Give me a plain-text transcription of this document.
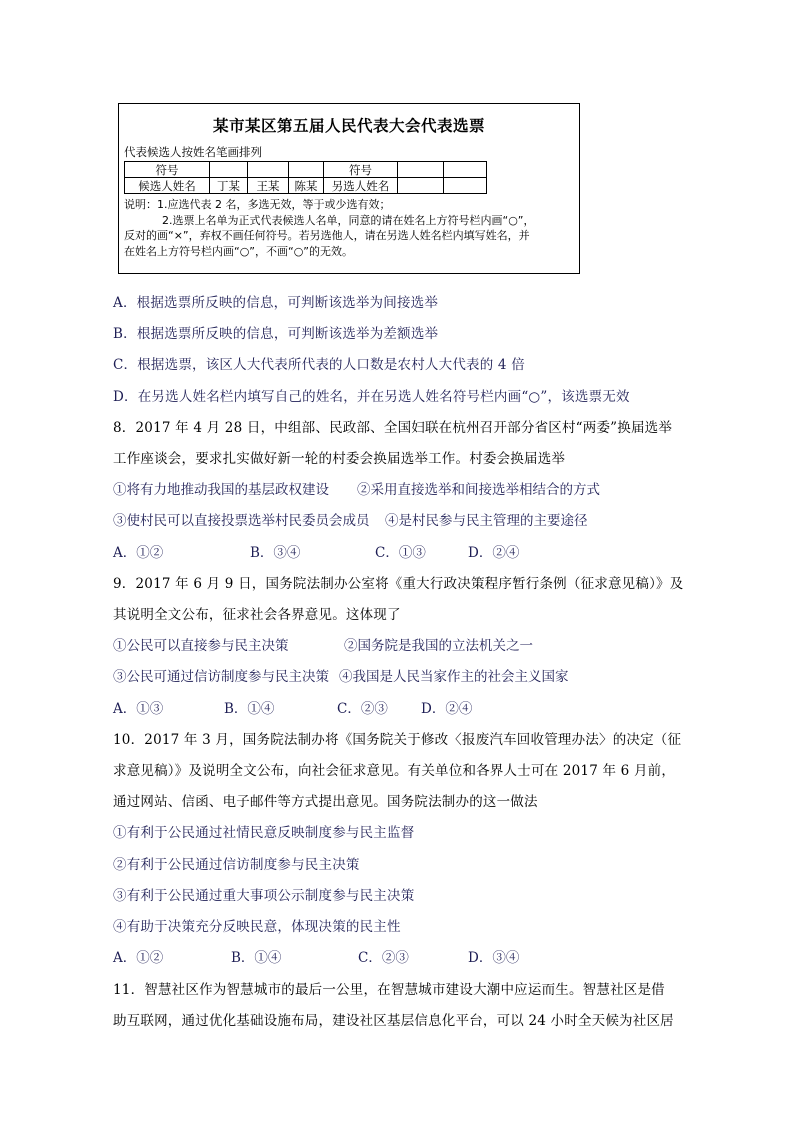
某市某区第五届人民代表大会代表选票
代表候选人按姓名笔画排列
符号				符号		
候选人姓名	丁某	王某	陈某	另选人姓名		
说明：1.应选代表 2 名，多选无效，等于或少选有效；
2.选票上名单为正式代表候选人名单，同意的请在姓名上方符号栏内画“○”，
反对的画“×”，弃权不画任何符号。若另选他人，请在另选人姓名栏内填写姓名，并
在姓名上方符号栏内画“○”，不画“○”的无效。
A．根据选票所反映的信息，可判断该选举为间接选举
B．根据选票所反映的信息，可判断该选举为差额选举
C．根据选票，该区人大代表所代表的人口数是农村人大代表的 4 倍
D．在另选人姓名栏内填写自己的姓名，并在另选人姓名符号栏内画“○”，该选票无效
8．2017 年 4 月 28 日，中组部、民政部、全国妇联在杭州召开部分省区村“两委”换届选举
工作座谈会，要求扎实做好新一轮的村委会换届选举工作。村委会换届选举
①将有力地推动我国的基层政权建设 ②采用直接选举和间接选举相结合的方式
③使村民可以直接投票选举村民委员会成员 ④是村民参与民主管理的主要途径
A．①②	B．③④	C．①③	D．②④
9．2017 年 6 月 9 日，国务院法制办公室将《重大行政决策程序暂行条例（征求意见稿）》及
其说明全文公布，征求社会各界意见。这体现了
①公民可以直接参与民主决策	②国务院是我国的立法机关之一
③公民可通过信访制度参与民主决策 ④我国是人民当家作主的社会主义国家
A．①③	B．①④	C．②③ D．②④
10．2017 年 3 月，国务院法制办将《国务院关于修改〈报废汽车回收管理办法〉的决定（征
求意见稿）》及说明全文公布，向社会征求意见。有关单位和各界人士可在 2017 年 6 月前，
通过网站、信函、电子邮件等方式提出意见。国务院法制办的这一做法
①有利于公民通过社情民意反映制度参与民主监督
②有利于公民通过信访制度参与民主决策
③有利于公民通过重大事项公示制度参与民主决策
④有助于决策充分反映民意，体现决策的民主性
A．①②	B．①④	C．②③	D．③④
11．智慧社区作为智慧城市的最后一公里，在智慧城市建设大潮中应运而生。智慧社区是借
助互联网，通过优化基础设施布局，建设社区基层信息化平台，可以 24 小时全天候为社区居
